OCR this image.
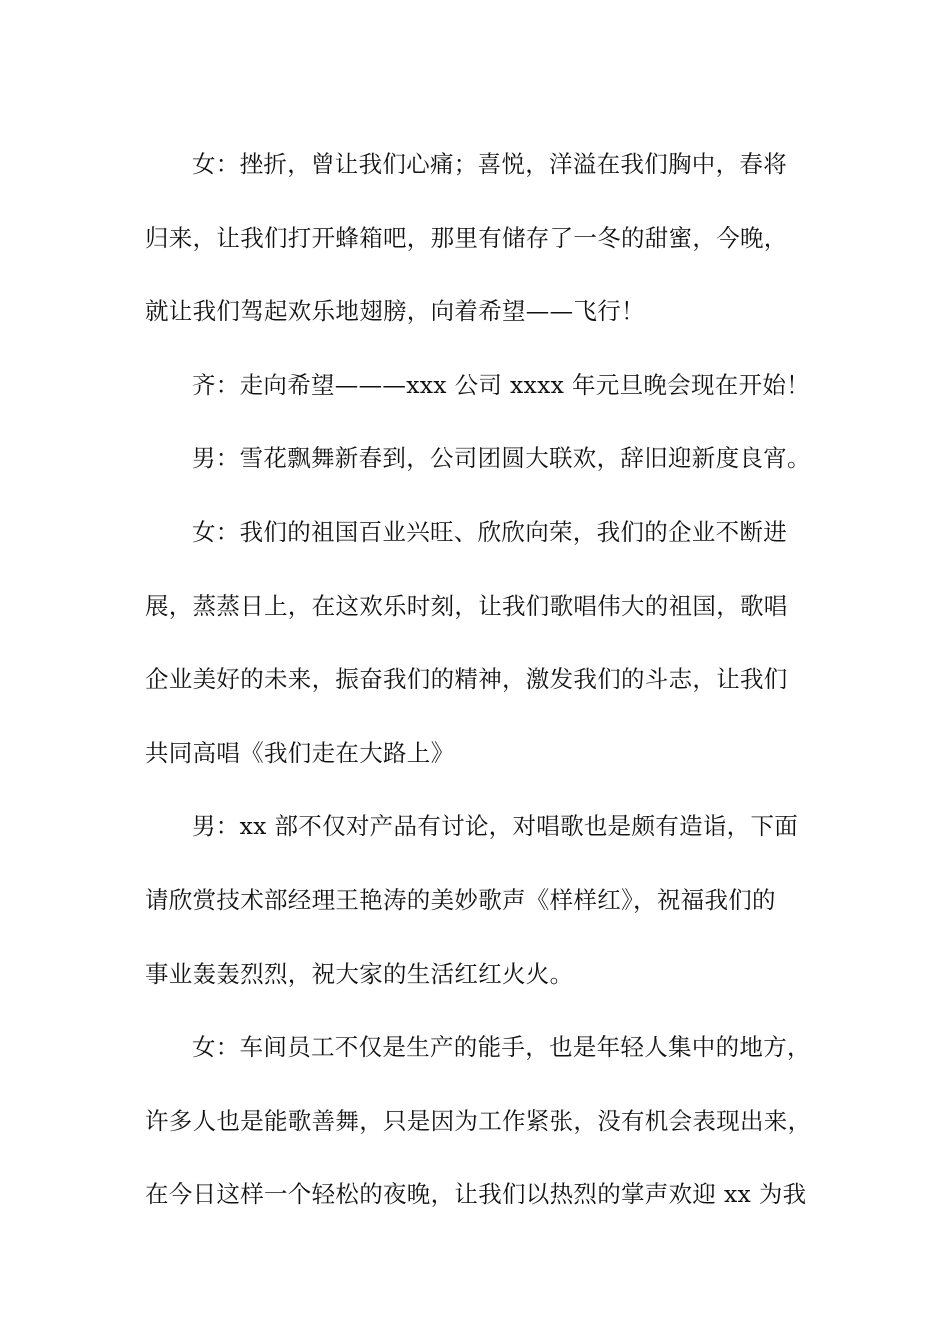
女：挫折，曾让我们心痛；喜悦，洋溢在我们胸中，春将
归来，让我们打开蜂箱吧，那里有储存了一冬的甜蜜，今晚，
就让我们驾起欢乐地翅膀，向着希望——飞行！

齐：走向希望———xxx 公司 xxxx 年元旦晚会现在开始！

男：雪花飘舞新春到，公司团圆大联欢，辞旧迎新度良宵。

女：我们的祖国百业兴旺、欣欣向荣，我们的企业不断进
展，蒸蒸日上，在这欢乐时刻，让我们歌唱伟大的祖国，歌唱
企业美好的未来，振奋我们的精神，激发我们的斗志，让我们
共同高唱《我们走在大路上》

男：xx 部不仅对产品有讨论，对唱歌也是颇有造诣，下面
请欣赏技术部经理王艳涛的美妙歌声《样样红》，祝福我们的
事业轰轰烈烈，祝大家的生活红红火火。

女：车间员工不仅是生产的能手，也是年轻人集中的地方，
许多人也是能歌善舞，只是因为工作紧张，没有机会表现出来，
在今日这样一个轻松的夜晚，让我们以热烈的掌声欢迎 xx 为我
